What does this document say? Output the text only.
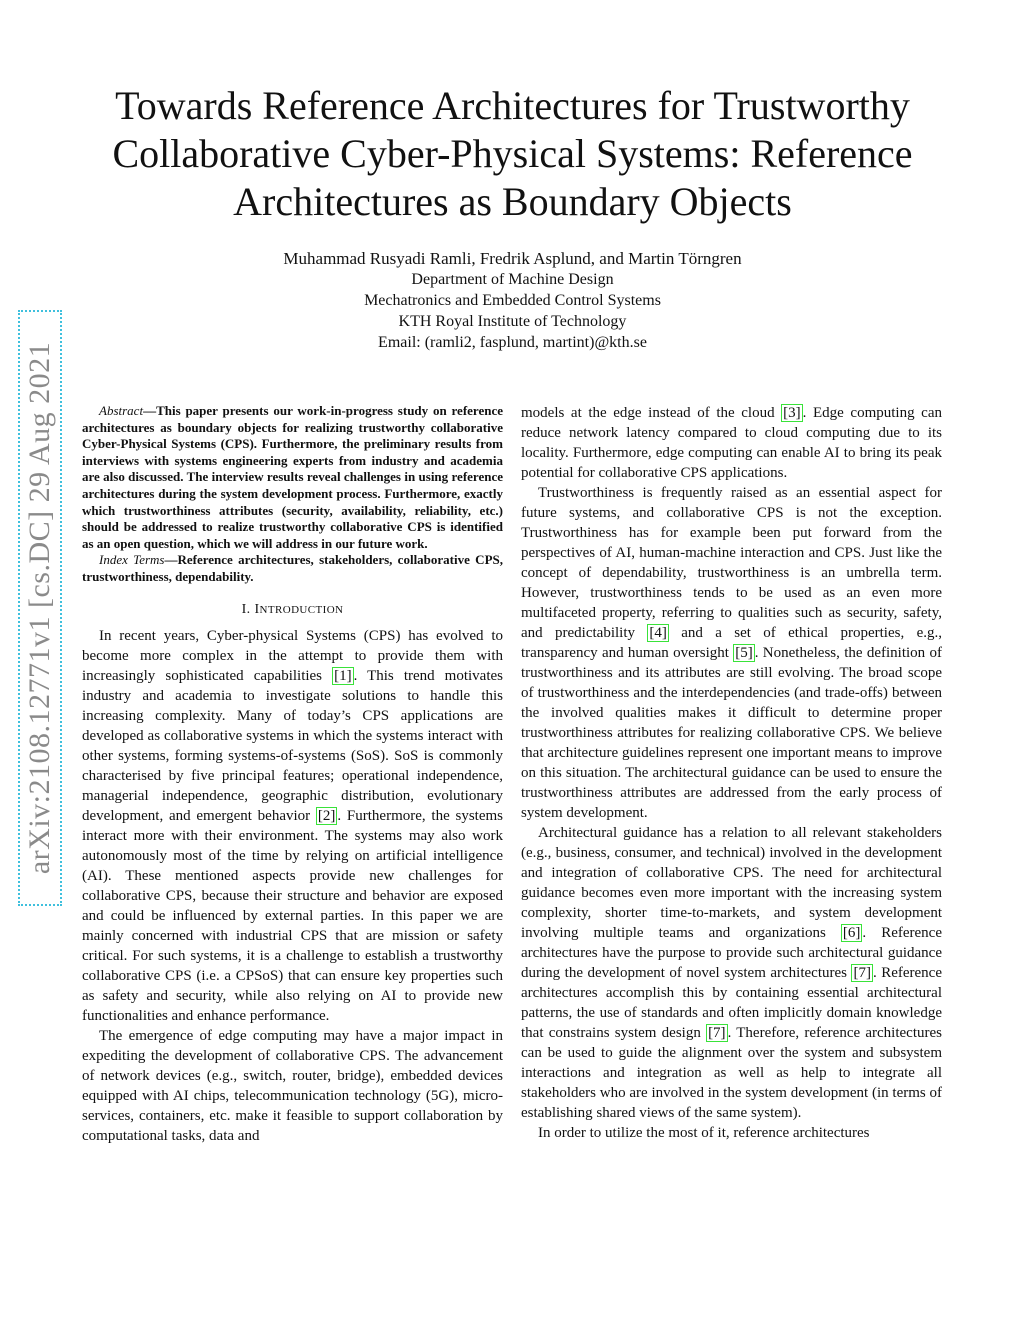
arXiv:2108.12771v1 [cs.DC] 29 Aug 2021
Towards Reference Architectures for Trustworthy Collaborative Cyber-Physical Systems: Reference Architectures as Boundary Objects
Muhammad Rusyadi Ramli, Fredrik Asplund, and Martin Törngren
Department of Machine Design
Mechatronics and Embedded Control Systems
KTH Royal Institute of Technology
Email: (ramli2, fasplund, martint)@kth.se

Abstract—This paper presents our work-in-progress study on reference architectures as boundary objects for realizing trustworthy collaborative Cyber-Physical Systems (CPS). Furthermore, the preliminary results from interviews with systems engineering experts from industry and academia are also discussed. The interview results reveal challenges in using reference architectures during the system development process. Furthermore, exactly which trustworthiness attributes (security, availability, reliability, etc.) should be addressed to realize trustworthy collaborative CPS is identified as an open question, which we will address in our future work.

Index Terms—Reference architectures, stakeholders, collaborative CPS, trustworthiness, dependability.

I. INTRODUCTION

In recent years, Cyber-physical Systems (CPS) has evolved to become more complex in the attempt to provide them with increasingly sophisticated capabilities [1] . This trend motivates industry and academia to investigate solutions to handle this increasing complexity. Many of today’s CPS applications are developed as collaborative systems in which the systems interact with other systems, forming systems-of-systems (SoS). SoS is commonly characterised by five principal features; operational independence, managerial independence, geographic distribution, evolutionary development, and emergent behavior [2] . Furthermore, the systems interact more with their environment. The systems may also work autonomously most of the time by relying on artificial intelligence (AI). These mentioned aspects provide new challenges for collaborative CPS, because their structure and behavior are exposed and could be influenced by external parties. In this paper we are mainly concerned with industrial CPS that are mission or safety critical. For such systems, it is a challenge to establish a trustworthy collaborative CPS (i.e. a CPSoS) that can ensure key properties such as safety and security, while also relying on AI to provide new functionalities and enhance performance.

The emergence of edge computing may have a major impact in expediting the development of collaborative CPS. The advancement of network devices (e.g., switch, router, bridge), embedded devices equipped with AI chips, telecommunication technology (5G), micro-services, containers, etc. make it feasible to support collaboration by computational tasks, data and

models at the edge instead of the cloud [3] . Edge computing can reduce network latency compared to cloud computing due to its locality. Furthermore, edge computing can enable AI to bring its peak potential for collaborative CPS applications.

Trustworthiness is frequently raised as an essential aspect for future systems, and collaborative CPS is not the exception. Trustworthiness has for example been put forward from the perspectives of AI, human-machine interaction and CPS. Just like the concept of dependability, trustworthiness is an umbrella term. However, trustworthiness tends to be used as an even more multifaceted property, referring to qualities such as security, safety, and predictability [4] and a set of ethical properties, e.g., transparency and human oversight [5] . Nonetheless, the definition of trustworthiness and its attributes are still evolving. The broad scope of trustworthiness and the interdependencies (and trade-offs) between the involved qualities makes it difficult to determine proper trustworthiness attributes for realizing collaborative CPS. We believe that architecture guidelines represent one important means to improve on this situation. The architectural guidance can be used to ensure the trustworthiness attributes are addressed from the early process of system development.

Architectural guidance has a relation to all relevant stakeholders (e.g., business, consumer, and technical) involved in the development and integration of collaborative CPS. The need for architectural guidance becomes even more important with the increasing system complexity, shorter time-to-markets, and system development involving multiple teams and organizations [6] . Reference architectures have the purpose to provide such architectural guidance during the development of novel system architectures [7] . Reference architectures accomplish this by containing essential architectural patterns, the use of standards and often implicitly domain knowledge that constrains system design [7] . Therefore, reference architectures can be used to guide the alignment over the system and subsystem interactions and integration as well as help to integrate all stakeholders who are involved in the system development (in terms of establishing shared views of the same system).

In order to utilize the most of it, reference architectures
